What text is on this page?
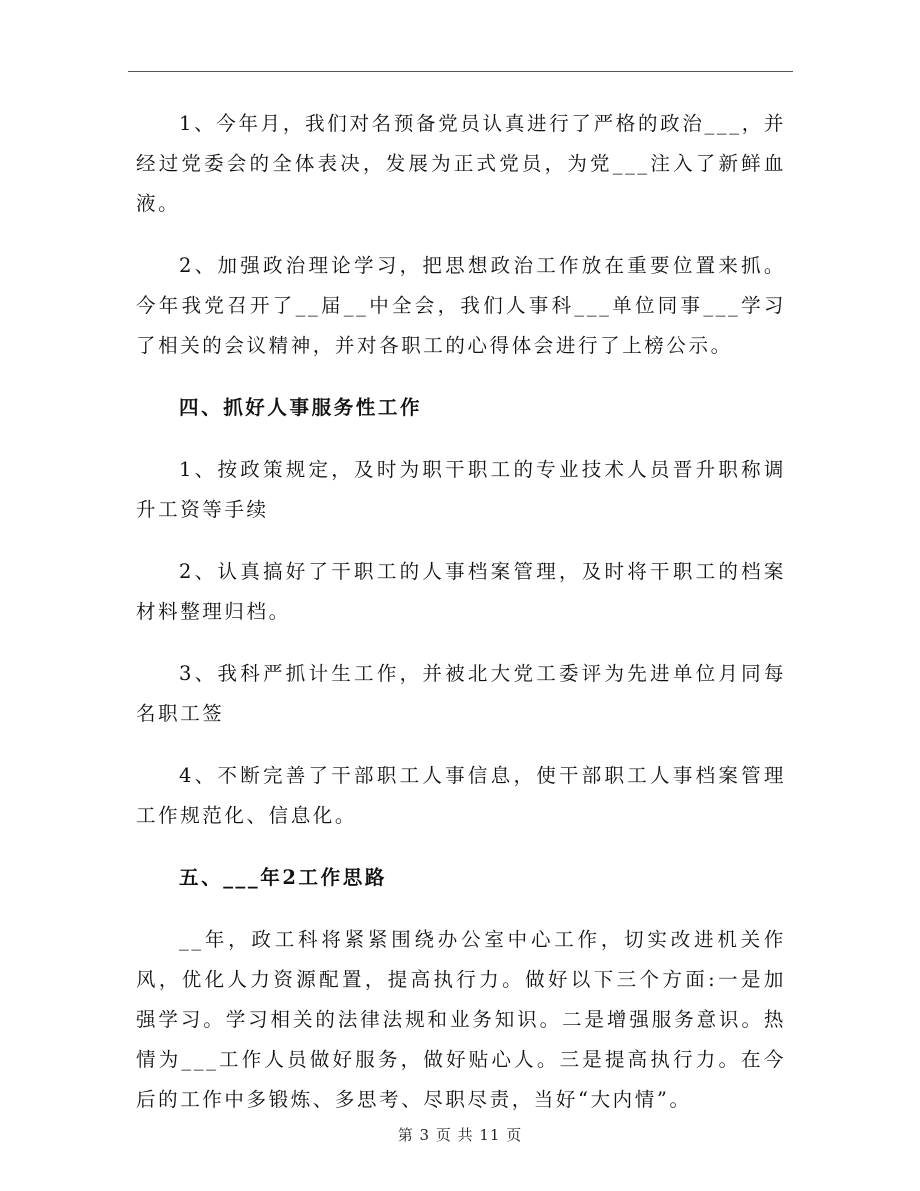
1、今年月，我们对名预备党员认真进行了严格的政治___，并经过党委会的全体表决，发展为正式党员，为党___注入了新鲜血液。

2、加强政治理论学习，把思想政治工作放在重要位置来抓。今年我党召开了__届__中全会，我们人事科___单位同事___学习了相关的会议精神，并对各职工的心得体会进行了上榜公示。

四、抓好人事服务性工作

1、按政策规定，及时为职干职工的专业技术人员晋升职称调升工资等手续

2、认真搞好了干职工的人事档案管理，及时将干职工的档案材料整理归档。

3、我科严抓计生工作，并被北大党工委评为先进单位月同每名职工签

4、不断完善了干部职工人事信息，使干部职工人事档案管理工作规范化、信息化。

五、___年2工作思路

__年，政工科将紧紧围绕办公室中心工作，切实改进机关作风，优化人力资源配置，提高执行力。做好以下三个方面:一是加强学习。学习相关的法律法规和业务知识。二是增强服务意识。热情为___工作人员做好服务，做好贴心人。三是提高执行力。在今后的工作中多锻炼、多思考、尽职尽责，当好“大内情”。

第 3 页 共 11 页
